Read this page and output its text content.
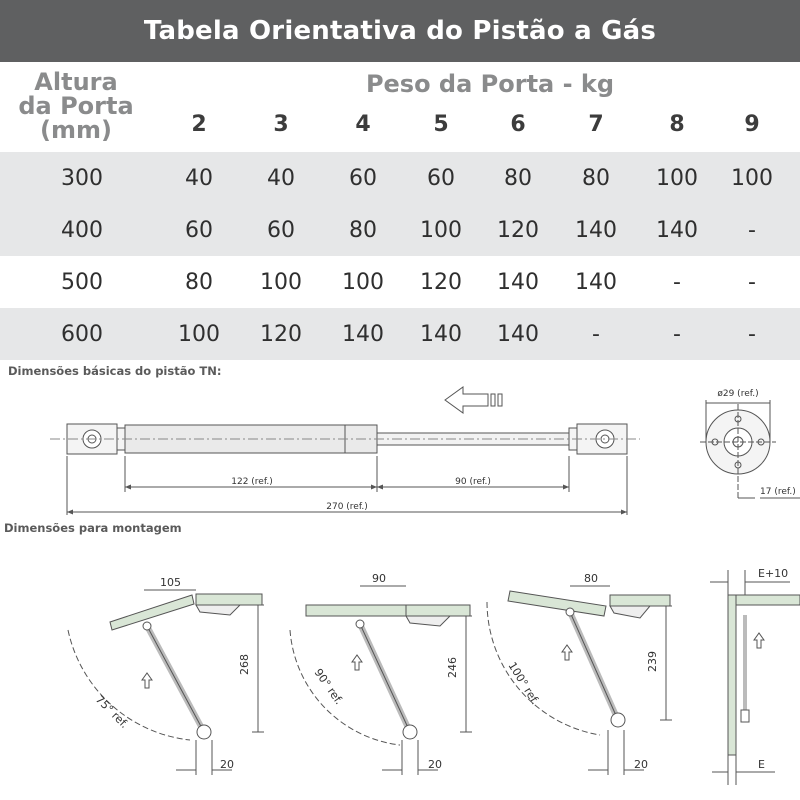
Tabela Orientativa do Pistão a Gás
Altura
da Porta
(mm)
Peso da Porta - kg
2	3	4	5	6	7	8	9
300	40	40	60	60	80	80	100	100
400	60	60	80	100	120	140	140	-
500	80	100	100	120	140	140	-	-
600	100	120	140	140	140	-	-	-
Dimensões básicas do pistão TN:
Dimensões para montagem
122 (ref.)	90 (ref.)
270 (ref.)
ø29 (ref.)
17 (ref.)
105
268
20
75° ref.
90
246
20
90° ref.
80
239
20
100° ref.
E+10
E
